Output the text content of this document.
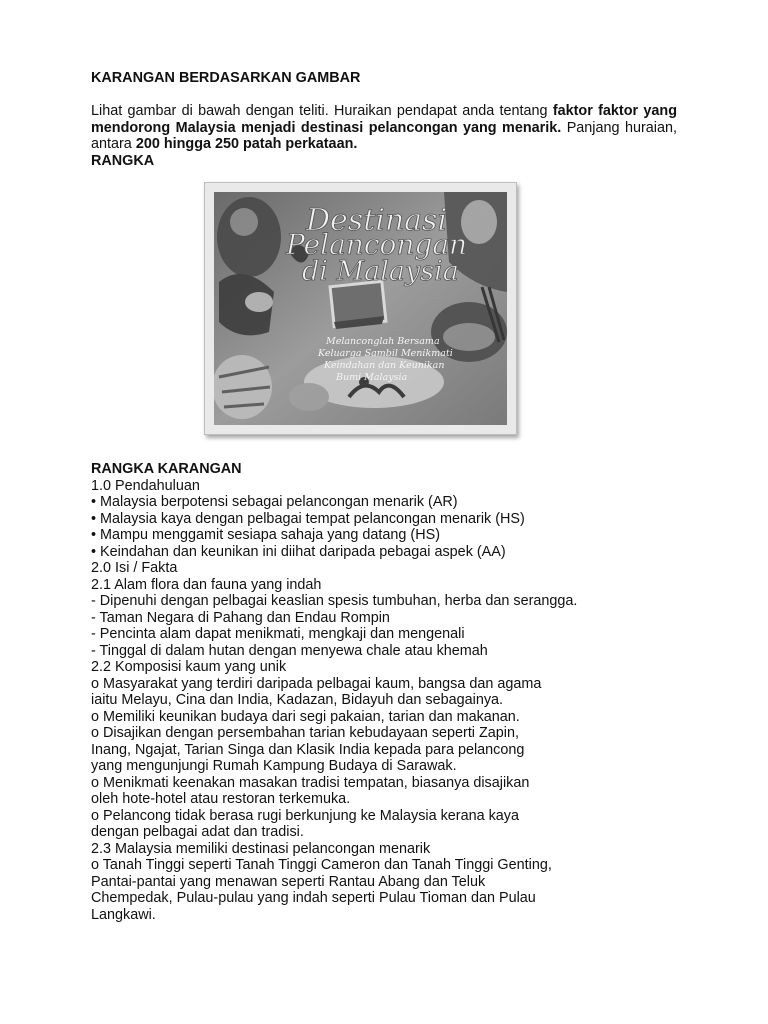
KARANGAN BERDASARKAN GAMBAR
Lihat gambar di bawah dengan teliti. Huraikan pendapat anda tentang faktor faktor yang mendorong Malaysia menjadi destinasi pelancongan yang menarik. Panjang huraian, antara 200 hingga 250 patah perkataan.
RANGKA
Destinasi
Pelancongan
di Malaysia
Melanconglah Bersama
Keluarga Sambil Menikmati
Keindahan dan Keunikan
Bumi Malaysia
RANGKA KARANGAN
1.0 Pendahuluan
• Malaysia berpotensi sebagai pelancongan menarik (AR)
• Malaysia kaya dengan pelbagai tempat pelancongan menarik (HS)
• Mampu menggamit sesiapa sahaja yang datang (HS)
• Keindahan dan keunikan ini diihat daripada pebagai aspek (AA)
2.0 Isi / Fakta
2.1 Alam flora dan fauna yang indah
- Dipenuhi dengan pelbagai keaslian spesis tumbuhan, herba dan serangga.
- Taman Negara di Pahang dan Endau Rompin
- Pencinta alam dapat menikmati, mengkaji dan mengenali
- Tinggal di dalam hutan dengan menyewa chale atau khemah
2.2 Komposisi kaum yang unik
o Masyarakat yang terdiri daripada pelbagai kaum, bangsa dan agama
iaitu Melayu, Cina dan India, Kadazan, Bidayuh dan sebagainya.
o Memiliki keunikan budaya dari segi pakaian, tarian dan makanan.
o Disajikan dengan persembahan tarian kebudayaan seperti Zapin,
Inang, Ngajat, Tarian Singa dan Klasik India kepada para pelancong
yang mengunjungi Rumah Kampung Budaya di Sarawak.
o Menikmati keenakan masakan tradisi tempatan, biasanya disajikan
oleh hote-hotel atau restoran terkemuka.
o Pelancong tidak berasa rugi berkunjung ke Malaysia kerana kaya
dengan pelbagai adat dan tradisi.
2.3 Malaysia memiliki destinasi pelancongan menarik
o Tanah Tinggi seperti Tanah Tinggi Cameron dan Tanah Tinggi Genting,
Pantai-pantai yang menawan seperti Rantau Abang dan Teluk
Chempedak, Pulau-pulau yang indah seperti Pulau Tioman dan Pulau
Langkawi.
